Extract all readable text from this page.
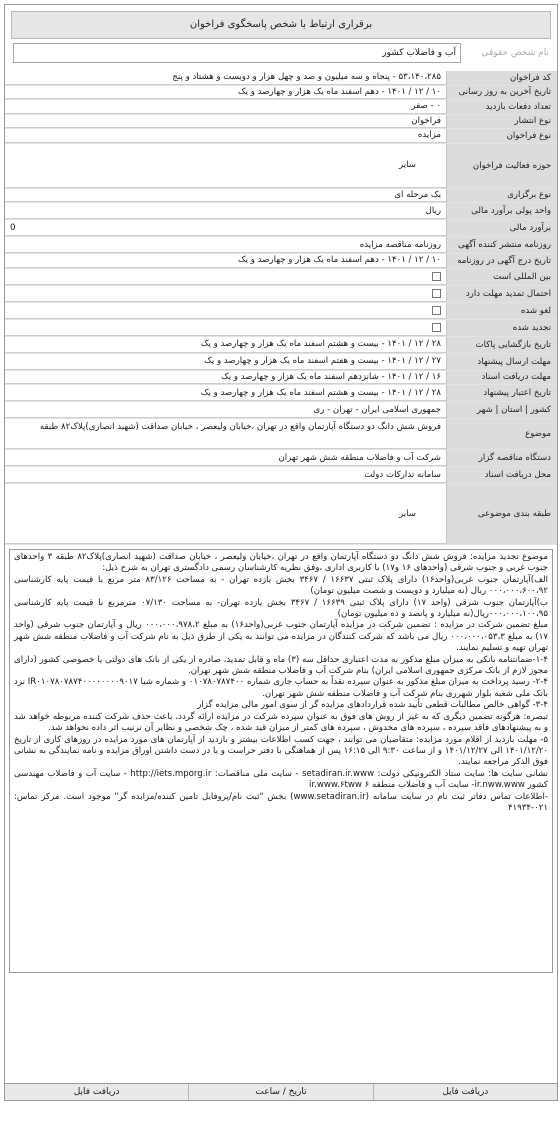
برقراری ارتباط با شخص پاسخگوی فراخوان
نام شخص حقوقی
آب و فاضلاب کشور
کد فراخوان
۵۳،۱۴۰،۲۸۵ - پنجاه و سه میلیون و صد و چهل هزار و دویست و هشتاد و پنج
تاریخ آخرین به روز رسانی
۱۰ / ۱۲ / ۱۴۰۱ - دهم اسفند ماه یک هزار و چهارصد و یک
تعداد دفعات بازدید
۰ - صفر
نوع انتشار
فراخوان
نوع فراخوان
مزایده
حوزه فعالیت فراخوان
سایر
نوع برگزاری
یک مرحله ای
واحد پولی برآورد مالی
ریال
برآورد مالی
0
روزنامه منتشر کننده آگهی
روزنامه مناقصه مزایده
تاریخ درج آگهی در روزنامه
۱۰ / ۱۲ / ۱۴۰۱ - دهم اسفند ماه یک هزار و چهارصد و یک
بین المللی است
احتمال تمدید مهلت دارد
لغو شده
تجدید شده
تاریخ بازگشایی پاکات
۲۸ / ۱۲ / ۱۴۰۱ - بیست و هشتم اسفند ماه یک هزار و چهارصد و یک
مهلت ارسال پیشنهاد
۲۷ / ۱۲ / ۱۴۰۱ - بیست و هفتم اسفند ماه یک هزار و چهارصد و یک
مهلت دریافت اسناد
۱۶ / ۱۲ / ۱۴۰۱ - شانزدهم اسفند ماه یک هزار و چهارصد و یک
تاریخ اعتبار پیشنهاد
۲۸ / ۱۲ / ۱۴۰۱ - بیست و هشتم اسفند ماه یک هزار و چهارصد و یک
کشور | استان | شهر
جمهوری اسلامی ایران - تهران - ری
موضوع
فروش شش دانگ دو دستگاه آپارتمان واقع در تهران ،خیابان ولیعصر ، خیابان صداقت (شهید انصاری)پلاک۸۲ طبقه
دستگاه مناقصه گزار
شرکت آب و فاضلاب منطقه شش شهر تهران
محل دریافت اسناد
سامانه تدارکات دولت
طبقه بندی موضوعی
سایر
موضوع تجدید مزایده: فروش شش دانگ دو دستگاه آپارتمان واقع در تهران ،خیابان ولیعصر ، خیابان صداقت (شهید انصاری)پلاک۸۲ طبقه ۳ واحدهای جنوب غربی و جنوب شرقی (واحدهای ۱۶ و۱۷) با کاربری اداری ،وفق نظریه کارشناسان رسمی دادگستری تهران به شرح ذیل:
الف)آپارتمان جنوب غربی(واحد۱۶) دارای پلاک ثبتی ۱۶۶۳۷ / ۳۴۶۷ بخش یازده تهران - به مساحت ۸۳/۱۲۶ متر مربع با قیمت پایه کارشناسی ۰۰۰،۰۰۰،۶۰۰،۹۲ ریال (نه میلیارد و دویست و شصت میلیون تومان)
ب)آپارتمان جنوب شرقی (واحد ۱۷) دارای پلاک ثبتی ۱۶۶۳۹ / ۳۴۶۷ بخش یازده تهران- به مساحت ۰۷/۱۳۰ مترمربع با قیمت پایه کارشناسی ۰۰۰،۰۰۰،۱۰۰،۹۵ریال(نه میلیارد و پانصد و ده میلیون تومان)
مبلغ تضمین شرکت در مزایده : تضمین شرکت در مزایده آپارتمان جنوب غربی(واحد۱۶) به مبلغ ۰۰۰،۰۰۰،۹۷۸،۲ ریال و آپارتمان جنوب شرقی (واحد ۱۷) به مبلغ ۰۰۰،۰۰۰،۰۵۳،۳ ریال می باشد که شرکت کنندگان در مزایده می توانند به یکی از طرق ذیل به نام شرکت آب و فاضلاب منطقه شش شهر تهران تهیه و تسلیم نمایند.
۱-۴-ضمانتنامه بانکی به میزان مبلغ مذکور به مدت اعتباری حداقل سه (۳) ماه و قابل تمدید، صادره از یکی از بانک های دولتی یا خصوصی کشور (دارای مجوز لازم از بانک مرکزی جمهوری اسلامی ایران) بنام شرکت آب و فاضلاب منطقه شش شهر تهران.
۲-۴- رسید پرداخت به میزان مبلغ مذکور به عنوان سپرده نقداً به حساب جاری شماره ۰۱۰۷۸۰۷۸۷۴۰۰ و شماره شبا IR۰۱۰۷۸۰۷۸۷۴۰۰۰۰۰۰۰۰۹۰۱۷ نزد بانک ملی شعبه بلوار شهرری بنام شرکت آب و فاضلاب منطقه شش شهر تهران.
۳-۴- گواهی خالص مطالبات قطعی تأیید شده قراردادهای مزایده گر از سوی امور مالی مزایده گزار
تبصره: هرگونه تضمین دیگری که به غیر از روش های فوق به عنوان سپرده شرکت در مزایده ارائه گردد، باعث حذف شرکت کننده مربوطه خواهد شد و به پیشنهادهای فاقد سپرده ، سپرده های مخدوش ، سپرده های کمتر از میزان قید شده ، چک شخصی و نظایر آن ترتیب اثر داده نخواهد شد.
۵- مهلت بازدید از اقلام مورد مزایده: متقاضیان می توانند ، جهت کسب اطلاعات بیشتر و بازدید از آپارتمان های مورد مزایده در روزهای کاری از تاریخ ۱۴۰۱/۱۲/۲۰ الی ۱۴۰۱/۱۲/۲۷ و از ساعت ۹:۳۰ الی ۱۶:۱۵ پس از هماهنگی با دفتر حراست و با در دست داشتن اوراق مزایده و نامه نمایندگی به نشانی فوق الذکر مراجعه نمایند.
نشانی سایت ها: سایت ستاد الکترونیکی دولت: setadiran.ir.www - سایت ملی مناقصات: http://iets.mporg.ir - سایت آب و فاضلاب مهندسی کشور ir.nww.www- سایت آب و فاضلاب منطقه ۶ ir.www.۶tww
-اطلاعات تماس دفاتر ثبت نام در سایت سامانه (www.setadiran.ir) بخش "ثبت نام/پروفایل تامین کننده/مزایده گر" موجود است. مرکز تماس: ۰۲۱-۴۱۹۳۴
دریافت فایل
تاریخ / ساعت
دریافت فایل
